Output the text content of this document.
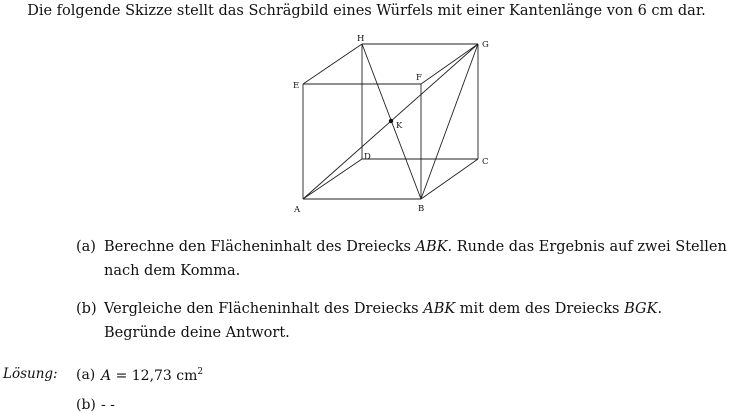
Die folgende Skizze stellt das Schrägbild eines Würfels mit einer Kantenlänge von 6 cm dar.
A	B
C
D
E
F
G
H
K
(a) Berechne den Flächeninhalt des Dreiecks ABK. Runde das Ergebnis auf zwei Stellen nach dem Komma.
(b) Vergleiche den Flächeninhalt des Dreiecks ABK mit dem des Dreiecks BGK. Begründe deine Antwort.
Lösung: (a) A = 12,73 $cm^2$
(b) - -
